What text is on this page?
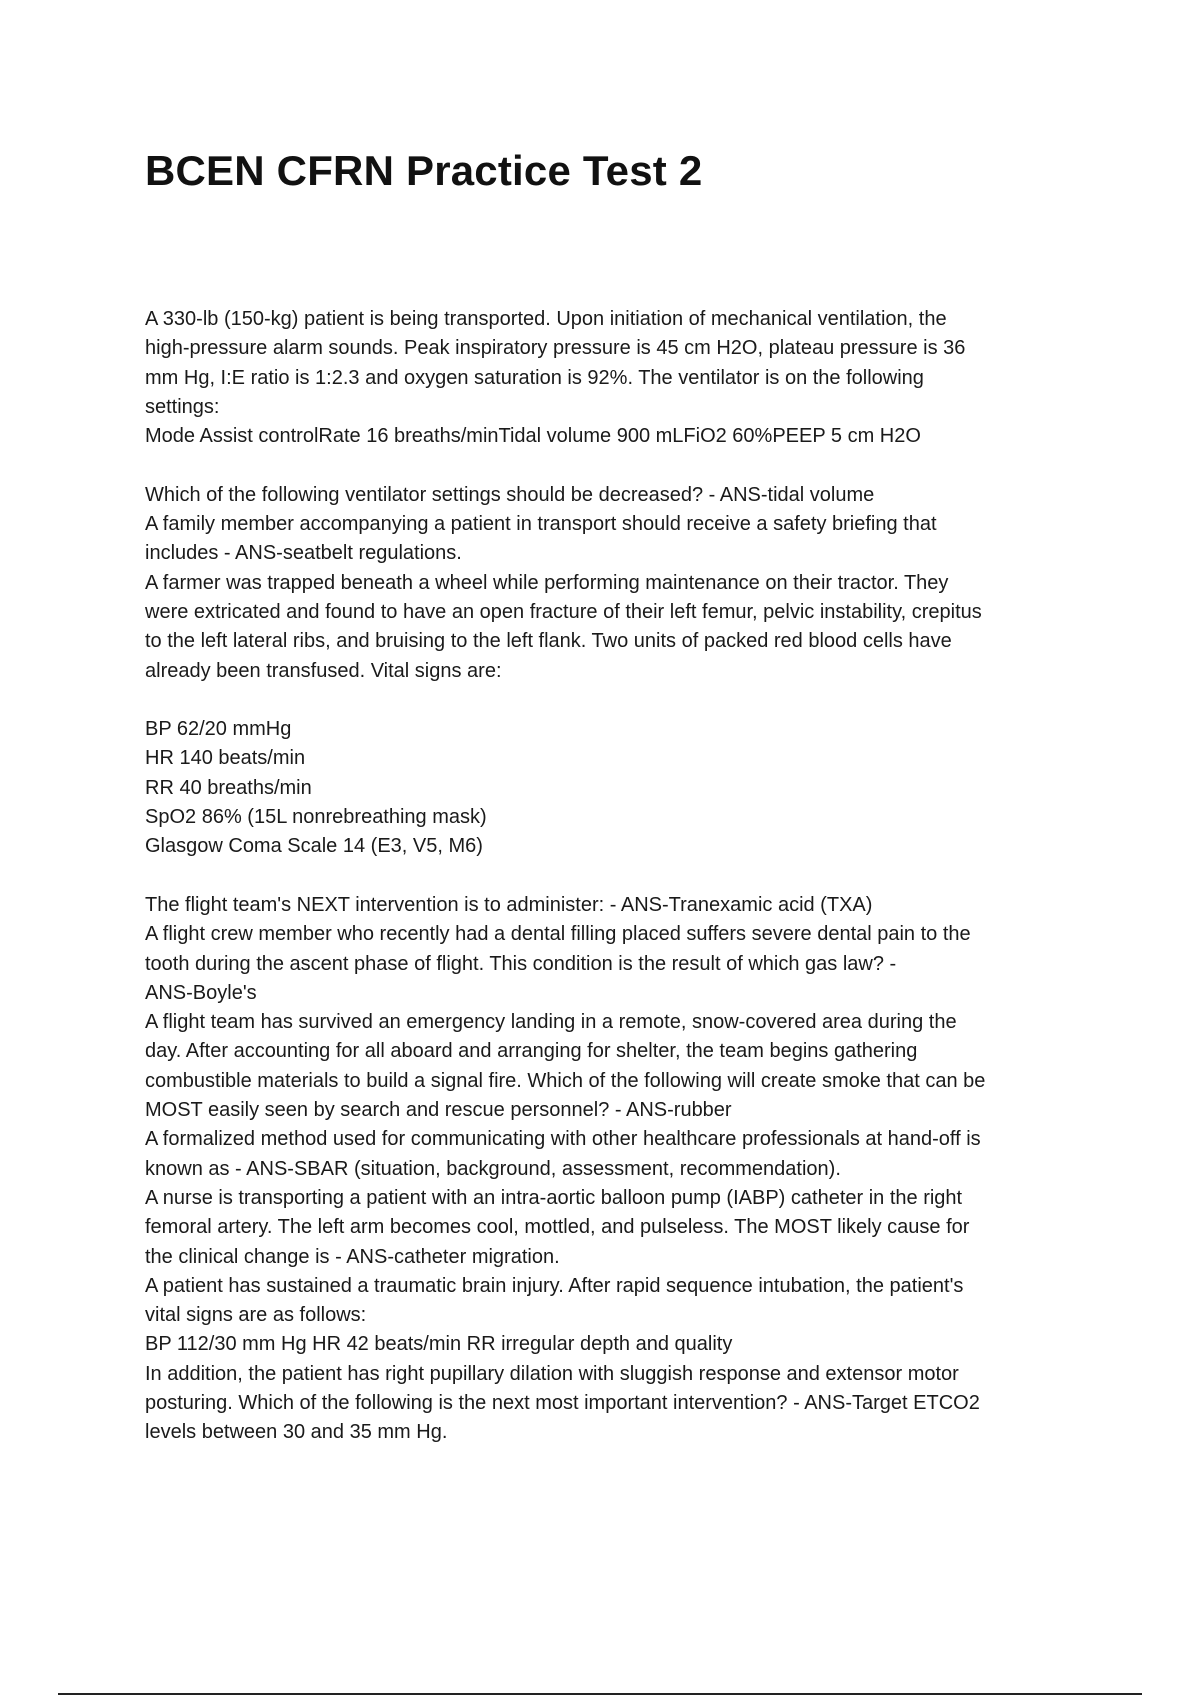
BCEN CFRN Practice Test 2
A 330-lb (150-kg) patient is being transported. Upon initiation of mechanical ventilation, the
high-pressure alarm sounds. Peak inspiratory pressure is 45 cm H2O, plateau pressure is 36
mm Hg, I:E ratio is 1:2.3 and oxygen saturation is 92%. The ventilator is on the following
settings:
Mode Assist controlRate 16 breaths/minTidal volume 900 mLFiO2 60%PEEP 5 cm H2O
Which of the following ventilator settings should be decreased? - ANS-tidal volume
A family member accompanying a patient in transport should receive a safety briefing that
includes - ANS-seatbelt regulations.
A farmer was trapped beneath a wheel while performing maintenance on their tractor. They
were extricated and found to have an open fracture of their left femur, pelvic instability, crepitus
to the left lateral ribs, and bruising to the left flank. Two units of packed red blood cells have
already been transfused. Vital signs are:
BP 62/20 mmHg
HR 140 beats/min
RR 40 breaths/min
SpO2 86% (15L nonrebreathing mask)
Glasgow Coma Scale 14 (E3, V5, M6)
The flight team's NEXT intervention is to administer: - ANS-Tranexamic acid (TXA)
A flight crew member who recently had a dental filling placed suffers severe dental pain to the
tooth during the ascent phase of flight. This condition is the result of which gas law? -
ANS-Boyle's
A flight team has survived an emergency landing in a remote, snow-covered area during the
day. After accounting for all aboard and arranging for shelter, the team begins gathering
combustible materials to build a signal fire. Which of the following will create smoke that can be
MOST easily seen by search and rescue personnel? - ANS-rubber
A formalized method used for communicating with other healthcare professionals at hand-off is
known as - ANS-SBAR (situation, background, assessment, recommendation).
A nurse is transporting a patient with an intra-aortic balloon pump (IABP) catheter in the right
femoral artery. The left arm becomes cool, mottled, and pulseless. The MOST likely cause for
the clinical change is - ANS-catheter migration.
A patient has sustained a traumatic brain injury. After rapid sequence intubation, the patient's
vital signs are as follows:
BP 112/30 mm Hg HR 42 beats/min RR irregular depth and quality
In addition, the patient has right pupillary dilation with sluggish response and extensor motor
posturing. Which of the following is the next most important intervention? - ANS-Target ETCO2
levels between 30 and 35 mm Hg.
